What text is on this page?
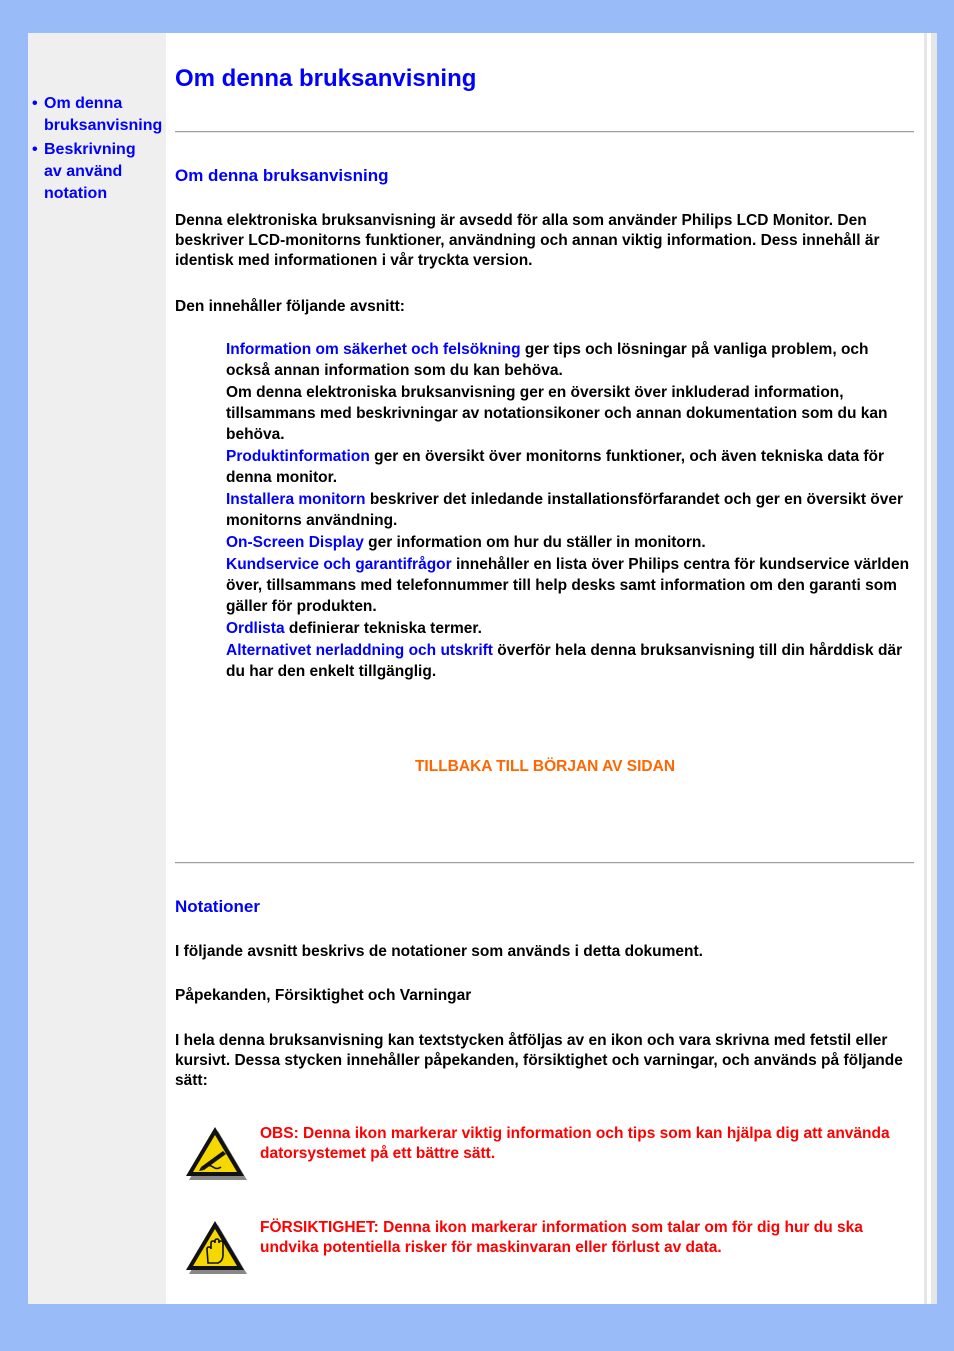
• Om denna
bruksanvisning
• Beskrivning
av använd
notation
Om denna bruksanvisning
Om denna bruksanvisning
Denna elektroniska bruksanvisning är avsedd för alla som använder Philips LCD Monitor. Den beskriver LCD-monitorns funktioner, användning och annan viktig information. Dess innehåll är identisk med informationen i vår tryckta version.
Den innehåller följande avsnitt:
Information om säkerhet och felsökning ger tips och lösningar på vanliga problem, och också annan information som du kan behöva.
Om denna elektroniska bruksanvisning ger en översikt över inkluderad information, tillsammans med beskrivningar av notationsikoner och annan dokumentation som du kan behöva.
Produktinformation ger en översikt över monitorns funktioner, och även tekniska data för denna monitor.
Installera monitorn beskriver det inledande installationsförfarandet och ger en översikt över monitorns användning.
On-Screen Display ger information om hur du ställer in monitorn.
Kundservice och garantifrågor innehåller en lista över Philips centra för kundservice världen över, tillsammans med telefonnummer till help desks samt information om den garanti som gäller för produkten.
Ordlista definierar tekniska termer.
Alternativet nerladdning och utskrift överför hela denna bruksanvisning till din hårddisk där du har den enkelt tillgänglig.
TILLBAKA TILL BÖRJAN AV SIDAN
Notationer
I följande avsnitt beskrivs de notationer som används i detta dokument.
Påpekanden, Försiktighet och Varningar
I hela denna bruksanvisning kan textstycken åtföljas av en ikon och vara skrivna med fetstil eller kursivt. Dessa stycken innehåller påpekanden, försiktighet och varningar, och används på följande sätt:
OBS: Denna ikon markerar viktig information och tips som kan hjälpa dig att använda datorsystemet på ett bättre sätt.
FÖRSIKTIGHET: Denna ikon markerar information som talar om för dig hur du ska undvika potentiella risker för maskinvaran eller förlust av data.
